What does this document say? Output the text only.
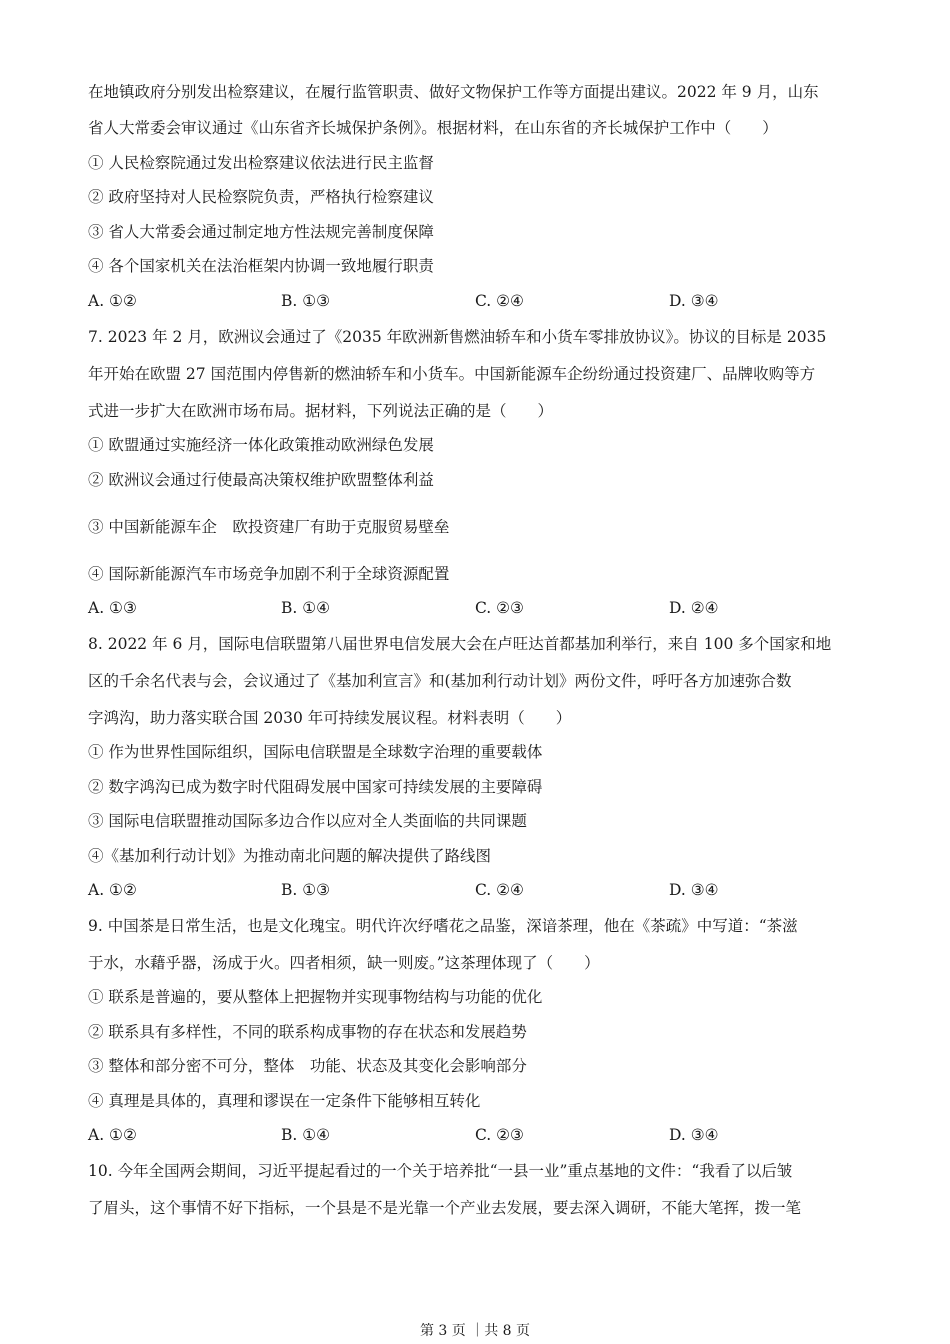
在地镇政府分别发出检察建议，在履行监管职责、做好文物保护工作等方面提出建议。2022 年 9 月，山东
省人大常委会审议通过《山东省齐长城保护条例》。根据材料，在山东省的齐长城保护工作中（　　）
① 人民检察院通过发出检察建议依法进行民主监督
② 政府坚持对人民检察院负责，严格执行检察建议
③ 省人大常委会通过制定地方性法规完善制度保障
④ 各个国家机关在法治框架内协调一致地履行职责
A. ①②	B. ①③	C. ②④	D. ③④
7. 2023 年 2 月，欧洲议会通过了《2035 年欧洲新售燃油轿车和小货车零排放协议》。协议的目标是 2035
年开始在欧盟 27 国范围内停售新的燃油轿车和小货车。中国新能源车企纷纷通过投资建厂、品牌收购等方
式进一步扩大在欧洲市场布局。据材料，下列说法正确的是（　　）
① 欧盟通过实施经济一体化政策推动欧洲绿色发展
② 欧洲议会通过行使最高决策权维护欧盟整体利益
③ 中国新能源车企　欧投资建厂有助于克服贸易壁垒
④ 国际新能源汽车市场竞争加剧不利于全球资源配置
A. ①③	B. ①④	C. ②③	D. ②④
8. 2022 年 6 月，国际电信联盟第八届世界电信发展大会在卢旺达首都基加利举行，来自 100 多个国家和地
区的千余名代表与会，会议通过了《基加利宣言》和(基加利行动计划》两份文件，呼吁各方加速弥合数
字鸿沟，助力落实联合国 2030 年可持续发展议程。材料表明（　　）
① 作为世界性国际组织，国际电信联盟是全球数字治理的重要载体
② 数字鸿沟已成为数字时代阻碍发展中国家可持续发展的主要障碍
③ 国际电信联盟推动国际多边合作以应对全人类面临的共同课题
④《基加利行动计划》为推动南北问题的解决提供了路线图
A. ①②	B. ①③	C. ②④	D. ③④
9. 中国茶是日常生活，也是文化瑰宝。明代许次纾嗜花之品鉴，深谙茶理，他在《茶疏》中写道：“茶滋
于水，水藉乎器，汤成于火。四者相须，缺一则废。”这茶理体现了（　　）
① 联系是普遍的，要从整体上把握物并实现事物结构与功能的优化
② 联系具有多样性，不同的联系构成事物的存在状态和发展趋势
③ 整体和部分密不可分，整体　功能、状态及其变化会影响部分
④ 真理是具体的，真理和谬误在一定条件下能够相互转化
A. ①②	B. ①④	C. ②③	D. ③④
10. 今年全国两会期间，习近平提起看过的一个关于培养批“一县一业”重点基地的文件：“我看了以后皱
了眉头，这个事情不好下指标，一个县是不是光靠一个产业去发展，要去深入调研，不能大笔挥，拨一笔
第 3 页 ｜共 8 页
